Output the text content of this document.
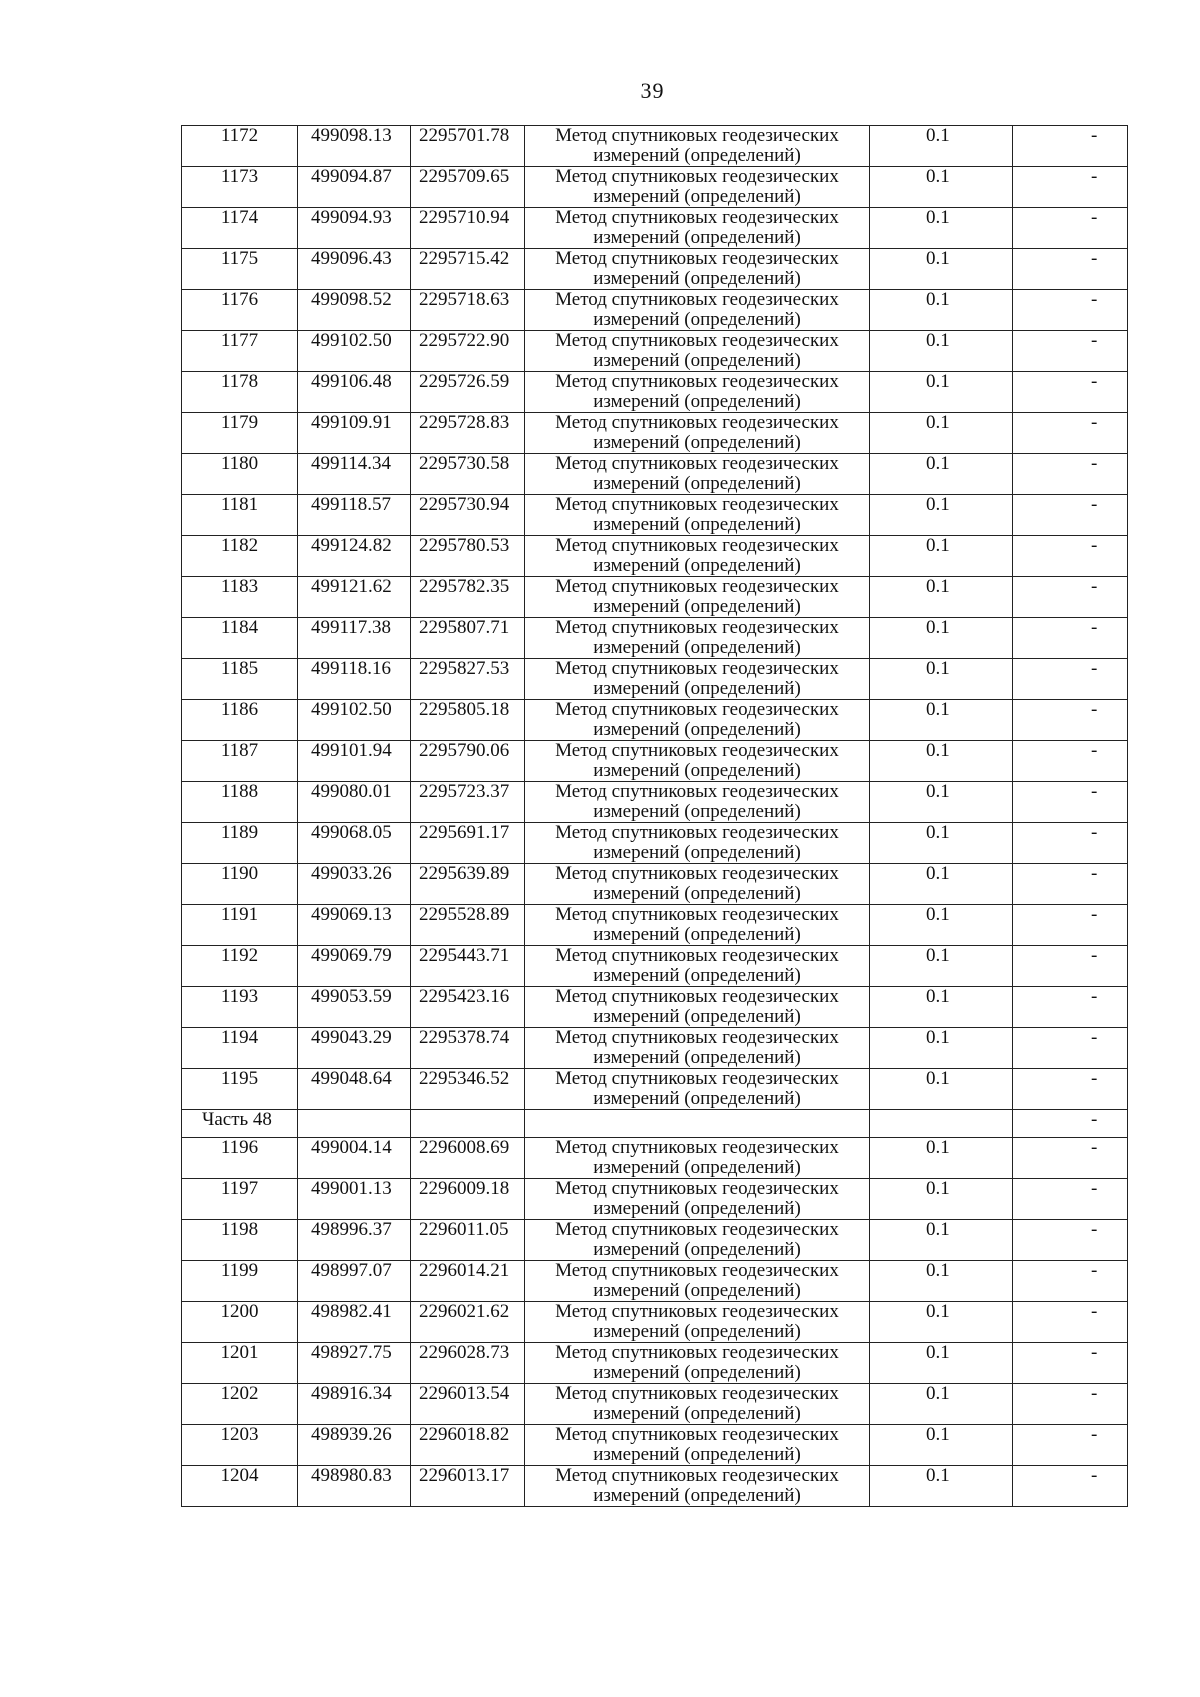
39
1172	499098.13	2295701.78	Метод спутниковых геодезических
измерений (определений)	0.1	-
1173	499094.87	2295709.65	Метод спутниковых геодезических
измерений (определений)	0.1	-
1174	499094.93	2295710.94	Метод спутниковых геодезических
измерений (определений)	0.1	-
1175	499096.43	2295715.42	Метод спутниковых геодезических
измерений (определений)	0.1	-
1176	499098.52	2295718.63	Метод спутниковых геодезических
измерений (определений)	0.1	-
1177	499102.50	2295722.90	Метод спутниковых геодезических
измерений (определений)	0.1	-
1178	499106.48	2295726.59	Метод спутниковых геодезических
измерений (определений)	0.1	-
1179	499109.91	2295728.83	Метод спутниковых геодезических
измерений (определений)	0.1	-
1180	499114.34	2295730.58	Метод спутниковых геодезических
измерений (определений)	0.1	-
1181	499118.57	2295730.94	Метод спутниковых геодезических
измерений (определений)	0.1	-
1182	499124.82	2295780.53	Метод спутниковых геодезических
измерений (определений)	0.1	-
1183	499121.62	2295782.35	Метод спутниковых геодезических
измерений (определений)	0.1	-
1184	499117.38	2295807.71	Метод спутниковых геодезических
измерений (определений)	0.1	-
1185	499118.16	2295827.53	Метод спутниковых геодезических
измерений (определений)	0.1	-
1186	499102.50	2295805.18	Метод спутниковых геодезических
измерений (определений)	0.1	-
1187	499101.94	2295790.06	Метод спутниковых геодезических
измерений (определений)	0.1	-
1188	499080.01	2295723.37	Метод спутниковых геодезических
измерений (определений)	0.1	-
1189	499068.05	2295691.17	Метод спутниковых геодезических
измерений (определений)	0.1	-
1190	499033.26	2295639.89	Метод спутниковых геодезических
измерений (определений)	0.1	-
1191	499069.13	2295528.89	Метод спутниковых геодезических
измерений (определений)	0.1	-
1192	499069.79	2295443.71	Метод спутниковых геодезических
измерений (определений)	0.1	-
1193	499053.59	2295423.16	Метод спутниковых геодезических
измерений (определений)	0.1	-
1194	499043.29	2295378.74	Метод спутниковых геодезических
измерений (определений)	0.1	-
1195	499048.64	2295346.52	Метод спутниковых геодезических
измерений (определений)	0.1	-
Часть 48					-
1196	499004.14	2296008.69	Метод спутниковых геодезических
измерений (определений)	0.1	-
1197	499001.13	2296009.18	Метод спутниковых геодезических
измерений (определений)	0.1	-
1198	498996.37	2296011.05	Метод спутниковых геодезических
измерений (определений)	0.1	-
1199	498997.07	2296014.21	Метод спутниковых геодезических
измерений (определений)	0.1	-
1200	498982.41	2296021.62	Метод спутниковых геодезических
измерений (определений)	0.1	-
1201	498927.75	2296028.73	Метод спутниковых геодезических
измерений (определений)	0.1	-
1202	498916.34	2296013.54	Метод спутниковых геодезических
измерений (определений)	0.1	-
1203	498939.26	2296018.82	Метод спутниковых геодезических
измерений (определений)	0.1	-
1204	498980.83	2296013.17	Метод спутниковых геодезических
измерений (определений)	0.1	-
